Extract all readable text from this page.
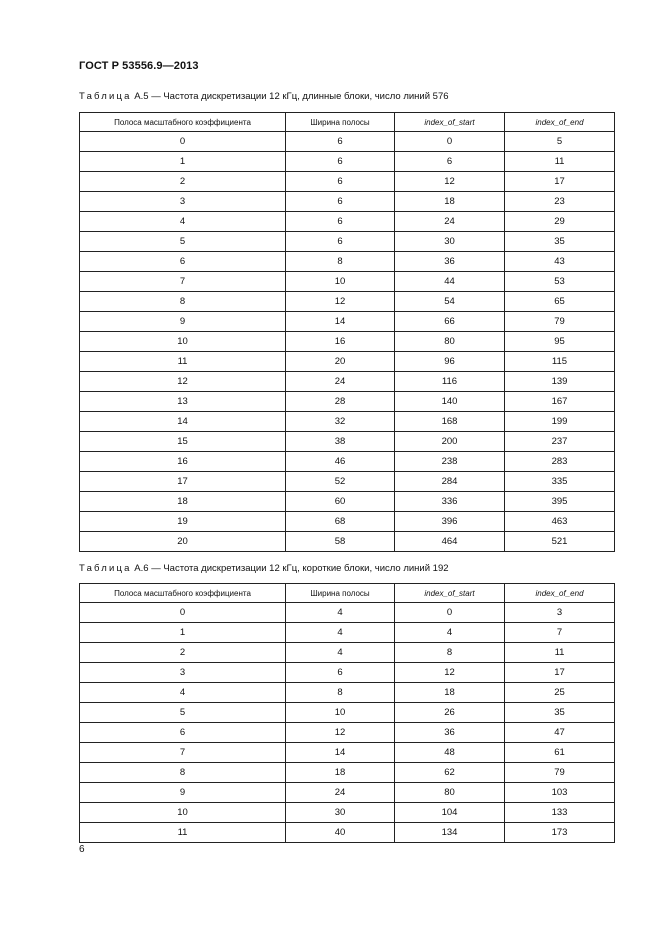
ГОСТ Р 53556.9—2013
Таблица А.5 — Частота дискретизации 12 кГц, длинные блоки, число линий 576
Полоса масштабного коэффициента	Ширина полосы	index_of_start	index_of_end
0	6	0	5
1	6	6	11
2	6	12	17
3	6	18	23
4	6	24	29
5	6	30	35
6	8	36	43
7	10	44	53
8	12	54	65
9	14	66	79
10	16	80	95
11	20	96	115
12	24	116	139
13	28	140	167
14	32	168	199
15	38	200	237
16	46	238	283
17	52	284	335
18	60	336	395
19	68	396	463
20	58	464	521
Таблица А.6 — Частота дискретизации 12 кГц, короткие блоки, число линий 192
Полоса масштабного коэффициента	Ширина полосы	index_of_start	index_of_end
0	4	0	3
1	4	4	7
2	4	8	11
3	6	12	17
4	8	18	25
5	10	26	35
6	12	36	47
7	14	48	61
8	18	62	79
9	24	80	103
10	30	104	133
11	40	134	173
6
